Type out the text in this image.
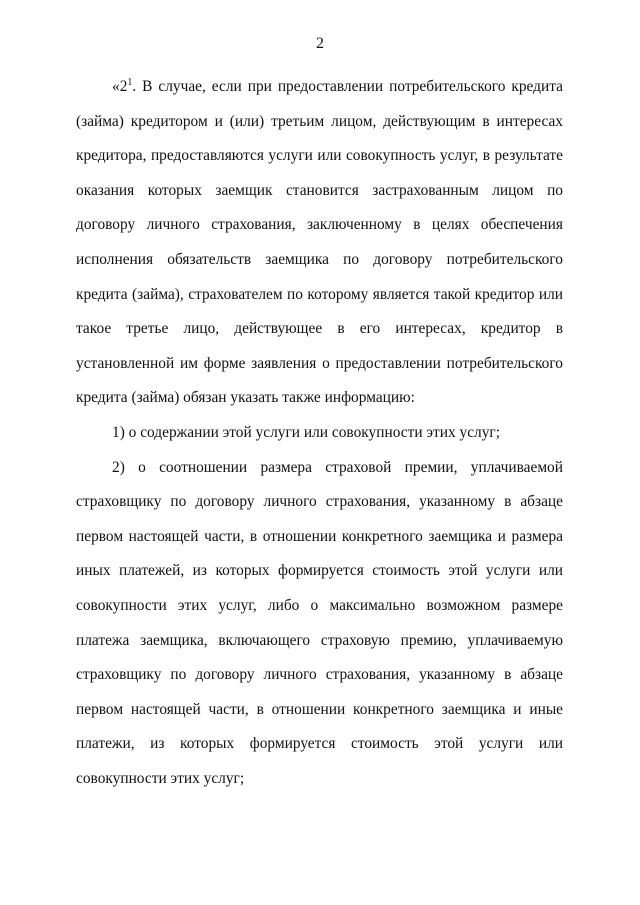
2

«$2^1$. В случае, если при предоставлении потребительского кредита (займа) кредитором и (или) третьим лицом, действующим в интересах кредитора, предоставляются услуги или совокупность услуг, в результате оказания которых заемщик становится застрахованным лицом по договору личного страхования, заключенному в целях обеспечения исполнения обязательств заемщика по договору потребительского кредита (займа), страхователем по которому является такой кредитор или такое третье лицо, действующее в его интересах, кредитор в установленной им форме заявления о предоставлении потребительского кредита (займа) обязан указать также информацию:

1) о содержании этой услуги или совокупности этих услуг;

2) о соотношении размера страховой премии, уплачиваемой страховщику по договору личного страхования, указанному в абзаце первом настоящей части, в отношении конкретного заемщика и размера иных платежей, из которых формируется стоимость этой услуги или совокупности этих услуг, либо о максимально возможном размере платежа заемщика, включающего страховую премию, уплачиваемую страховщику по договору личного страхования, указанному в абзаце первом настоящей части, в отношении конкретного заемщика и иные платежи, из которых формируется стоимость этой услуги или совокупности этих услуг;
